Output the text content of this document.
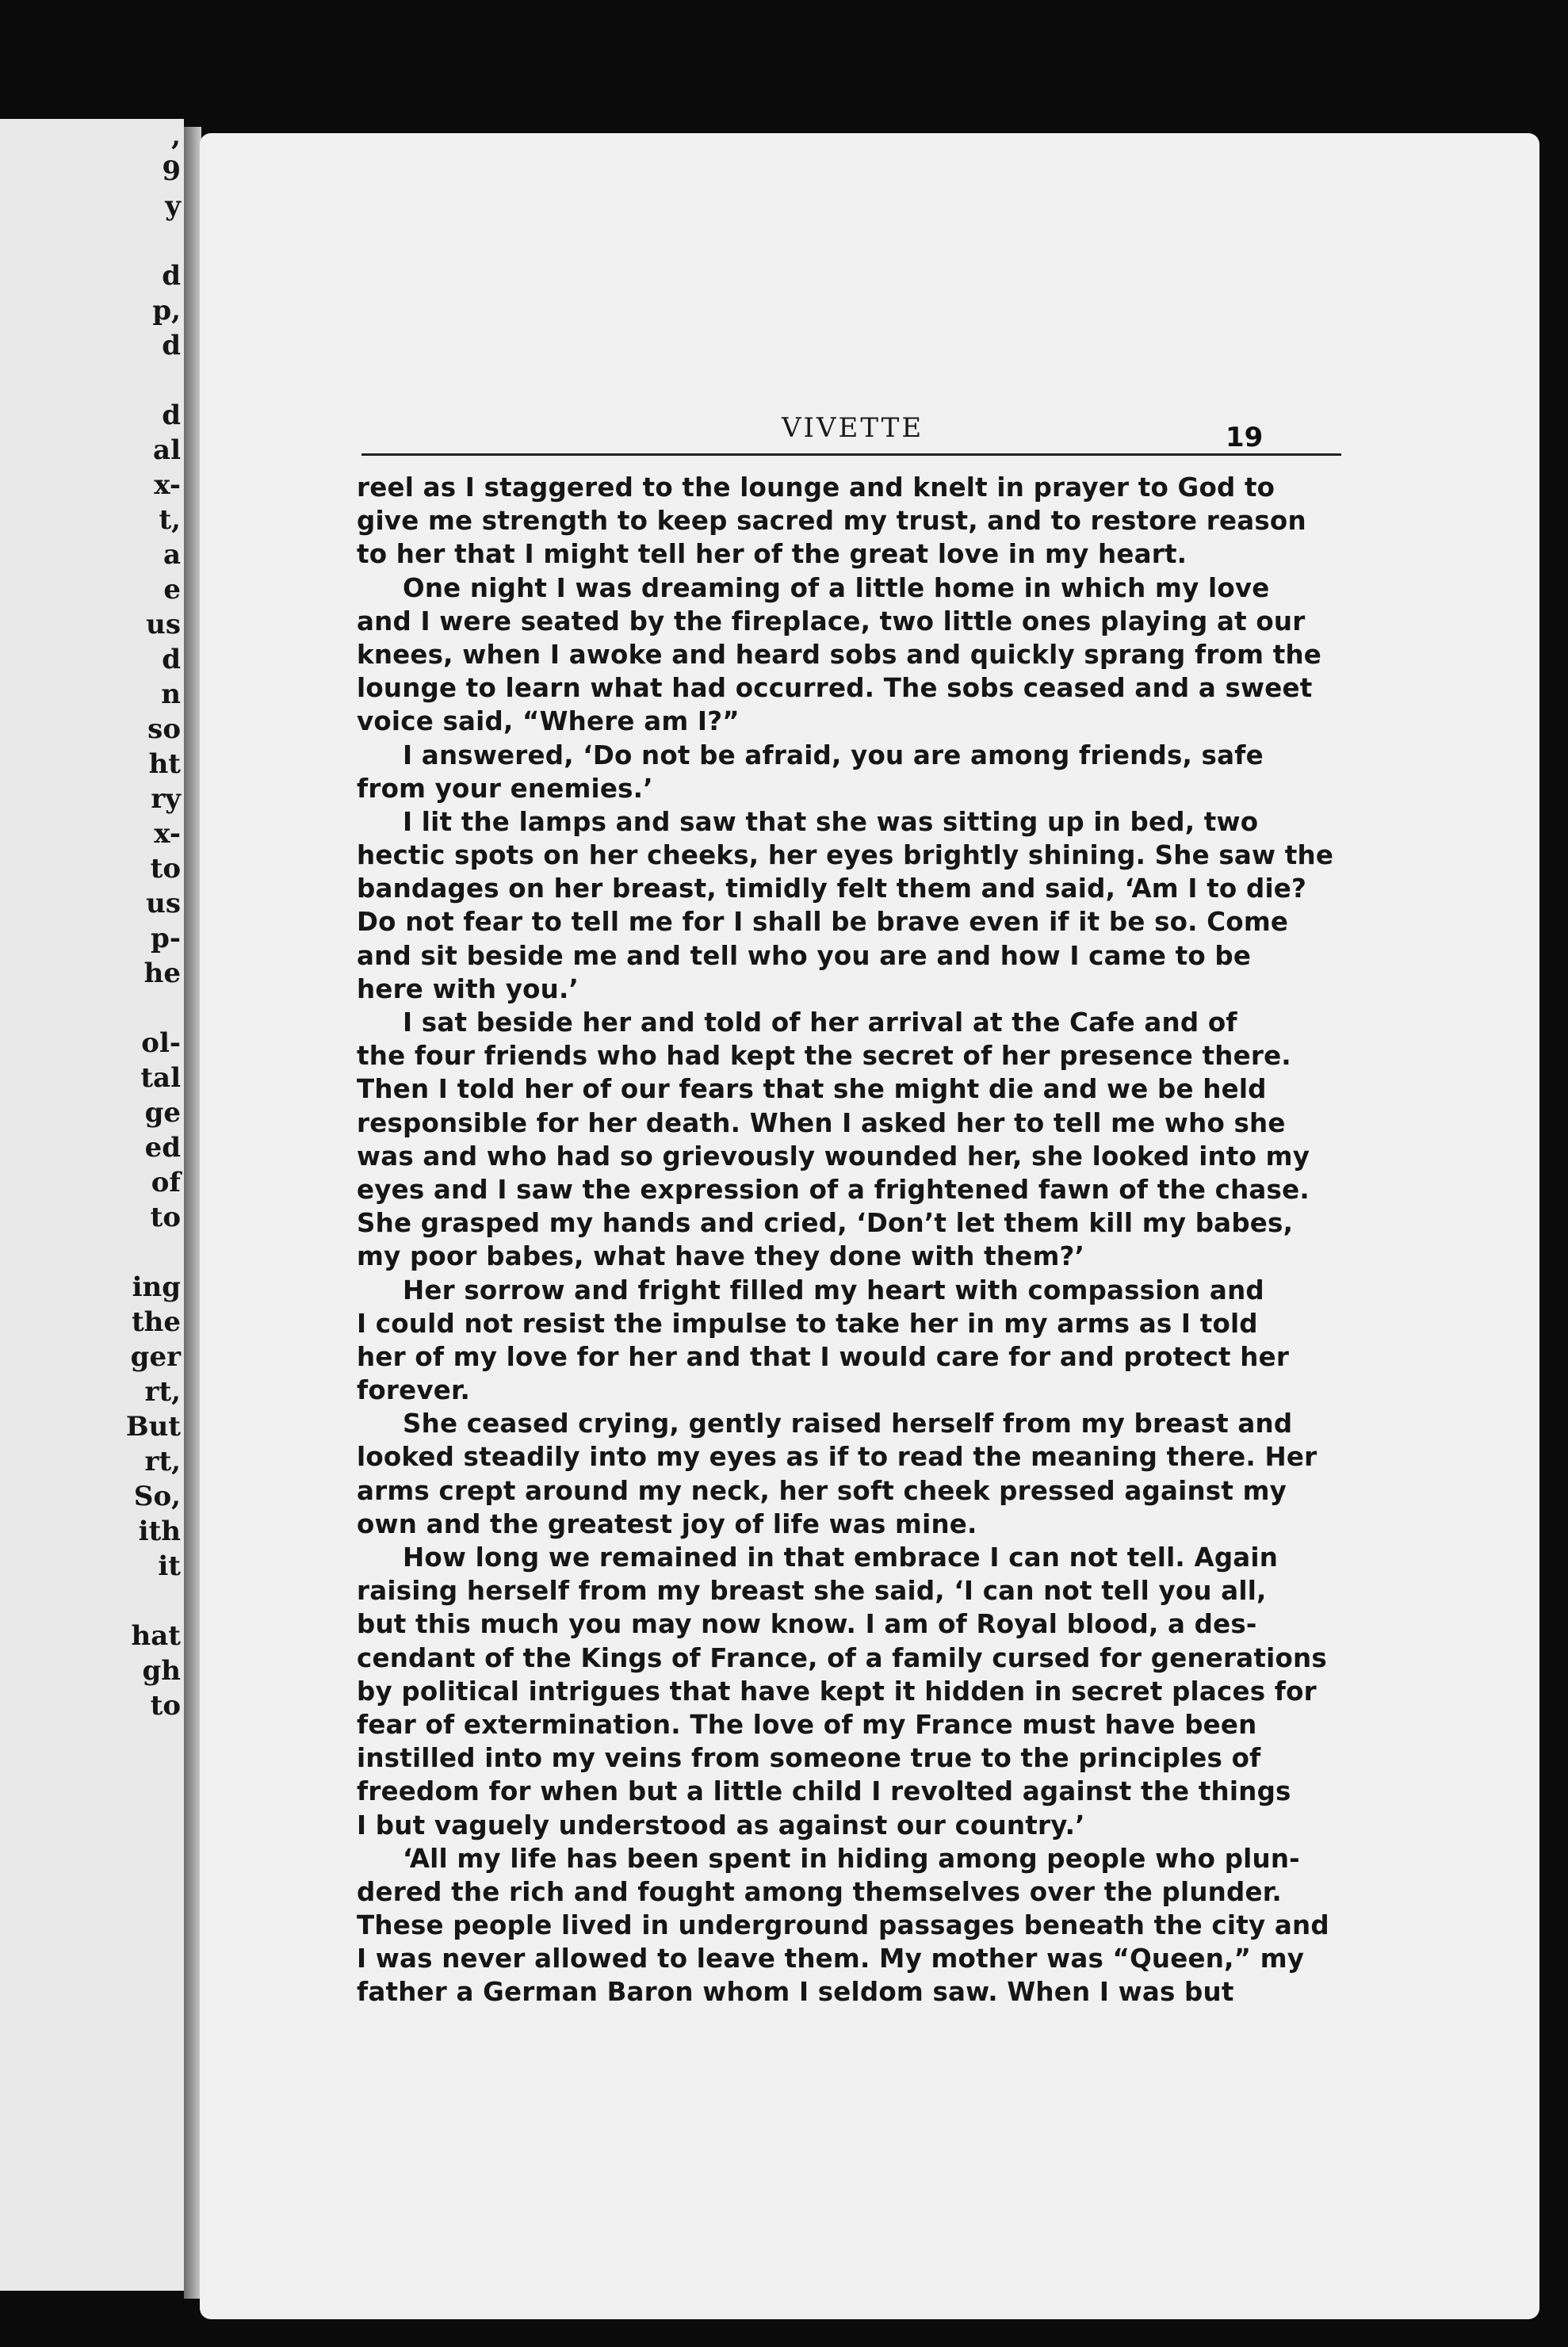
,
9
y
d
p,
d
d
al
x-
t,
a
e
us
d
n
so
ht
ry
x-
to
us
p-
he
ol-
tal
ge
ed
of
to
ing
the
ger
rt,
But
rt,
So,
ith
it
hat
gh
to
VIVETTE	19

reel as I staggered to the lounge and knelt in prayer to God to
give me strength to keep sacred my trust, and to restore reason
to her that I might tell her of the great love in my heart.

One night I was dreaming of a little home in which my love
and I were seated by the fireplace, two little ones playing at our
knees, when I awoke and heard sobs and quickly sprang from the
lounge to learn what had occurred. The sobs ceased and a sweet
voice said, “Where am I?”

I answered, ‘Do not be afraid, you are among friends, safe
from your enemies.’

I lit the lamps and saw that she was sitting up in bed, two
hectic spots on her cheeks, her eyes brightly shining. She saw the
bandages on her breast, timidly felt them and said, ‘Am I to die?
Do not fear to tell me for I shall be brave even if it be so. Come
and sit beside me and tell who you are and how I came to be
here with you.’

I sat beside her and told of her arrival at the Cafe and of
the four friends who had kept the secret of her presence there.
Then I told her of our fears that she might die and we be held
responsible for her death. When I asked her to tell me who she
was and who had so grievously wounded her, she looked into my
eyes and I saw the expression of a frightened fawn of the chase.
She grasped my hands and cried, ‘Don’t let them kill my babes,
my poor babes, what have they done with them?’

Her sorrow and fright filled my heart with compassion and
I could not resist the impulse to take her in my arms as I told
her of my love for her and that I would care for and protect her
forever.

She ceased crying, gently raised herself from my breast and
looked steadily into my eyes as if to read the meaning there. Her
arms crept around my neck, her soft cheek pressed against my
own and the greatest joy of life was mine.

How long we remained in that embrace I can not tell. Again
raising herself from my breast she said, ‘I can not tell you all,
but this much you may now know. I am of Royal blood, a des-
cendant of the Kings of France, of a family cursed for generations
by political intrigues that have kept it hidden in secret places for
fear of extermination. The love of my France must have been
instilled into my veins from someone true to the principles of
freedom for when but a little child I revolted against the things
I but vaguely understood as against our country.’

‘All my life has been spent in hiding among people who plun-
dered the rich and fought among themselves over the plunder.
These people lived in underground passages beneath the city and
I was never allowed to leave them. My mother was “Queen,” my
father a German Baron whom I seldom saw. When I was but
